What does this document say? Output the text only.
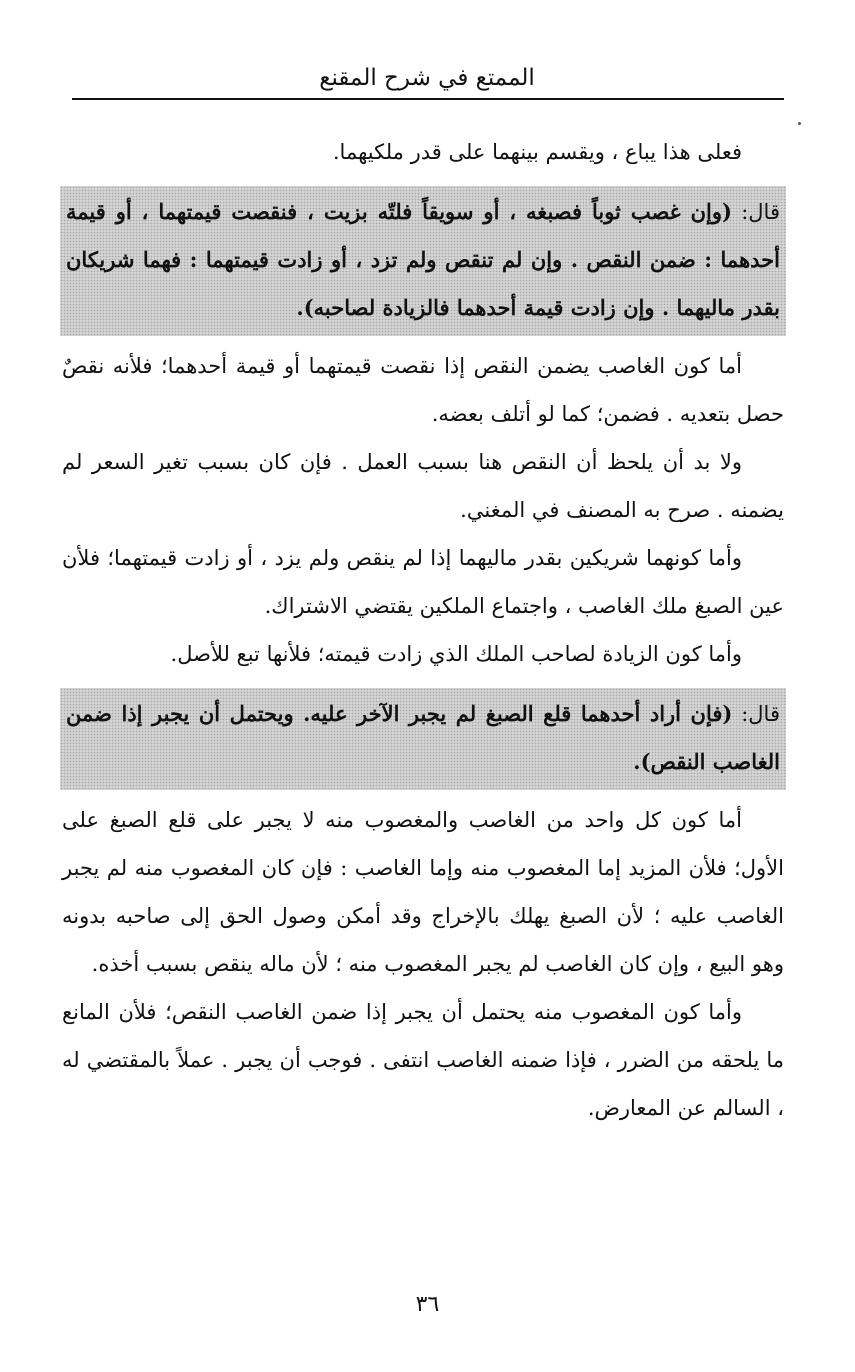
الممتع في شرح المقنع

فعلى هذا يباع ، ويقسم بينهما على قدر ملكيهما.

قال: (وإن غصب ثوباً فصبغه ، أو سويقاً فلتّه بزيت ، فنقصت قيمتهما ، أو قيمة أحدهما : ضمن النقص . وإن لم تنقص ولم تزد ، أو زادت قيمتهما : فهما شريكان بقدر ماليهما . وإن زادت قيمة أحدهما فالزيادة لصاحبه).

أما كون الغاصب يضمن النقص إذا نقصت قيمتهما أو قيمة أحدهما؛ فلأنه نقصٌ حصل بتعديه . فضمن؛ كما لو أتلف بعضه.

ولا بد أن يلحظ أن النقص هنا بسبب العمل . فإن كان بسبب تغير السعر لم يضمنه . صرح به المصنف في المغني.

وأما كونهما شريكين بقدر ماليهما إذا لم ينقص ولم يزد ، أو زادت قيمتهما؛ فلأن عين الصبغ ملك الغاصب ، واجتماع الملكين يقتضي الاشتراك.

وأما كون الزيادة لصاحب الملك الذي زادت قيمته؛ فلأنها تبع للأصل.

قال: (فإن أراد أحدهما قلع الصبغ لم يجبر الآخر عليه. ويحتمل أن يجبر إذا ضمن الغاصب النقص).

أما كون كل واحد من الغاصب والمغصوب منه لا يجبر على قلع الصبغ على الأول؛ فلأن المزيد إما المغصوب منه وإما الغاصب : فإن كان المغصوب منه لم يجبر الغاصب عليه ؛ لأن الصبغ يهلك بالإخراج وقد أمكن وصول الحق إلى صاحبه بدونه وهو البيع ، وإن كان الغاصب لم يجبر المغصوب منه ؛ لأن ماله ينقص بسبب أخذه.

وأما كون المغصوب منه يحتمل أن يجبر إذا ضمن الغاصب النقص؛ فلأن المانع ما يلحقه من الضرر ، فإذا ضمنه الغاصب انتفى . فوجب أن يجبر . عملاً بالمقتضي له ، السالم عن المعارض.

٣٦
